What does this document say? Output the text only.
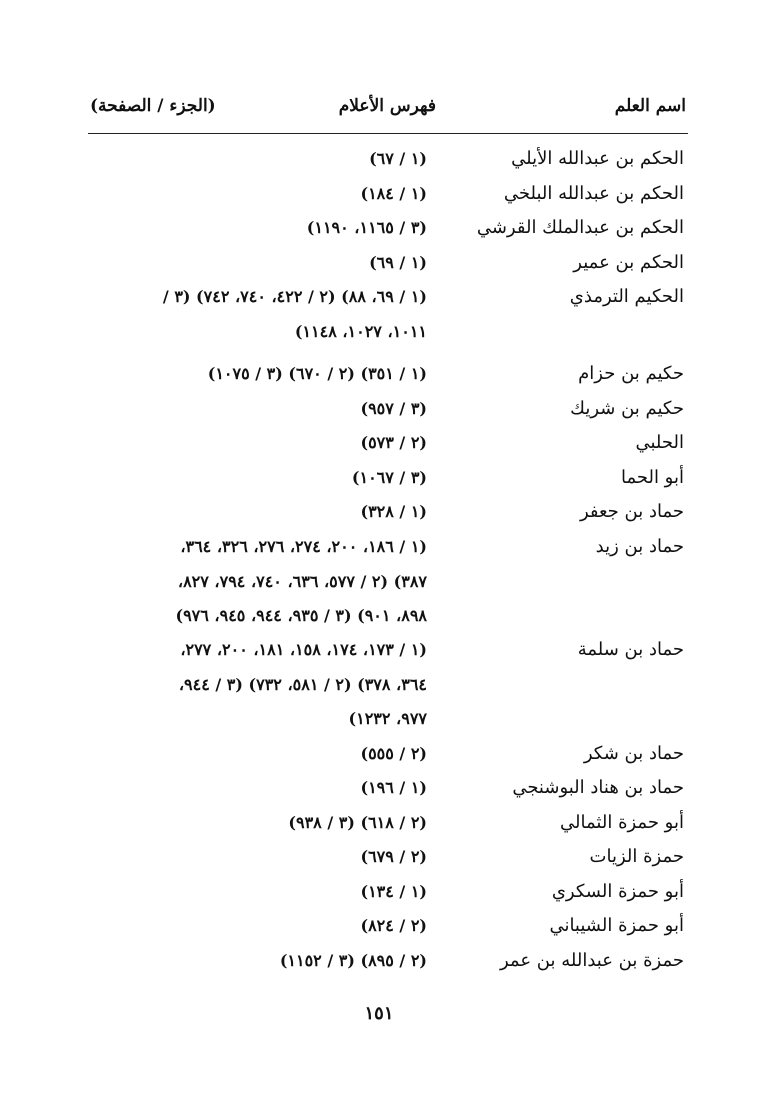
اسم العلم
فهرس الأعلام
(الجزء / الصفحة)
الحكم بن عبدالله الأيلي
(١ / ٦٧)
الحكم بن عبدالله البلخي
(١ / ١٨٤)
الحكم بن عبدالملك القرشي
(٣ / ١١٦٥، ١١٩٠)
الحكم بن عمير
(١ / ٦٩)
الحكيم الترمذي
(١ / ٦٩، ٨٨) (٢ / ٤٢٢، ٧٤٠، ٧٤٢) (٣ /
١٠١١، ١٠٢٧، ١١٤٨)
حكيم بن حزام
(١ / ٣٥١) (٢ / ٦٧٠) (٣ / ١٠٧٥)
حكيم بن شريك
(٣ / ٩٥٧)
الحلبي
(٢ / ٥٧٣)
أبو الحما
(٣ / ١٠٦٧)
حماد بن جعفر
(١ / ٣٢٨)
حماد بن زيد
(١ / ١٨٦، ٢٠٠، ٢٧٤، ٢٧٦، ٣٢٦، ٣٦٤،
٣٨٧) (٢ / ٥٧٧، ٦٣٦، ٧٤٠، ٧٩٤، ٨٢٧،
٨٩٨، ٩٠١) (٣ / ٩٣٥، ٩٤٤، ٩٤٥، ٩٧٦)
حماد بن سلمة
(١ / ١٧٣، ١٧٤، ١٥٨، ١٨١، ٢٠٠، ٢٧٧،
٣٦٤، ٣٧٨) (٢ / ٥٨١، ٧٣٢) (٣ / ٩٤٤،
٩٧٧، ١٢٣٢)
حماد بن شكر
(٢ / ٥٥٥)
حماد بن هناد البوشنجي
(١ / ١٩٦)
أبو حمزة الثمالي
(٢ / ٦١٨) (٣ / ٩٣٨)
حمزة الزيات
(٢ / ٦٧٩)
أبو حمزة السكري
(١ / ١٣٤)
أبو حمزة الشيباني
(٢ / ٨٢٤)
حمزة بن عبدالله بن عمر
(٢ / ٨٩٥) (٣ / ١١٥٢)
١٥١
